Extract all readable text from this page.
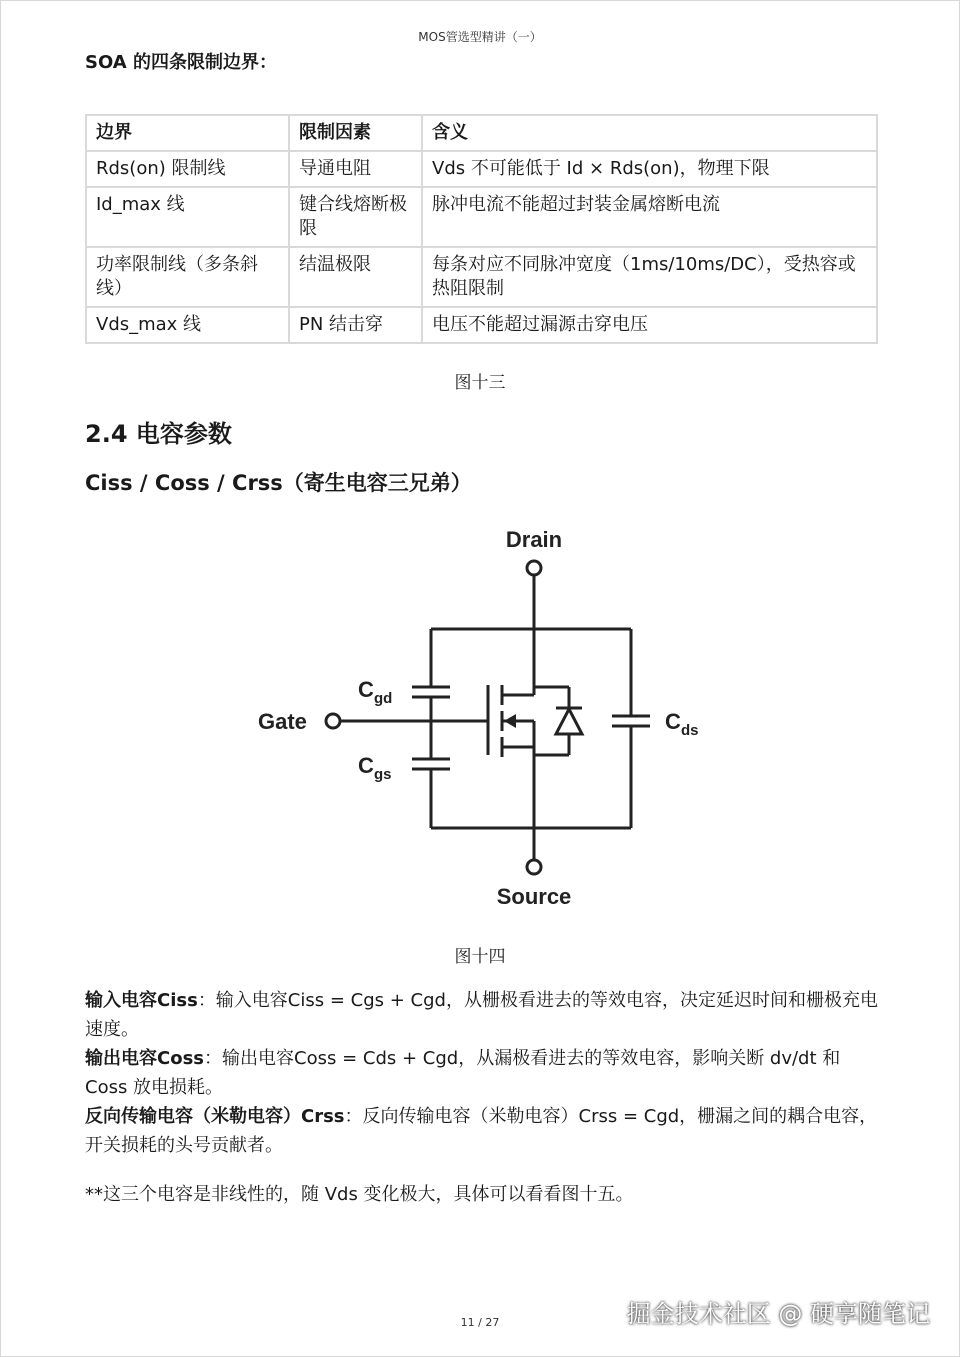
MOS管选型精讲（一）
SOA 的四条限制边界：
边界	限制因素	含义
Rds(on) 限制线	导通电阻	Vds 不可能低于 Id × Rds(on)，物理下限
Id_max 线	键合线熔断极限	脉冲电流不能超过封装金属熔断电流
功率限制线（多条斜线）	结温极限	每条对应不同脉冲宽度（1ms/10ms/DC），受热容或热阻限制
Vds_max 线	PN 结击穿	电压不能超过漏源击穿电压
图十三
2.4 电容参数
Ciss / Coss / Crss（寄生电容三兄弟）
Drain
Gate
Source
C gd
C gs
C ds
图十四

输入电容Ciss：输入电容Ciss = Cgs + Cgd，从栅极看进去的等效电容，决定延迟时间和栅极充电速度。

输出电容Coss：输出电容Coss = Cds + Cgd，从漏极看进去的等效电容，影响关断 dv/dt 和 Coss 放电损耗。

反向传输电容（米勒电容）Crss：反向传输电容（米勒电容）Crss = Cgd，栅漏之间的耦合电容，开关损耗的头号贡献者。

**这三个电容是非线性的，随 Vds 变化极大，具体可以看看图十五。
11 / 27	掘金技术社区 @ 硬享随笔记
